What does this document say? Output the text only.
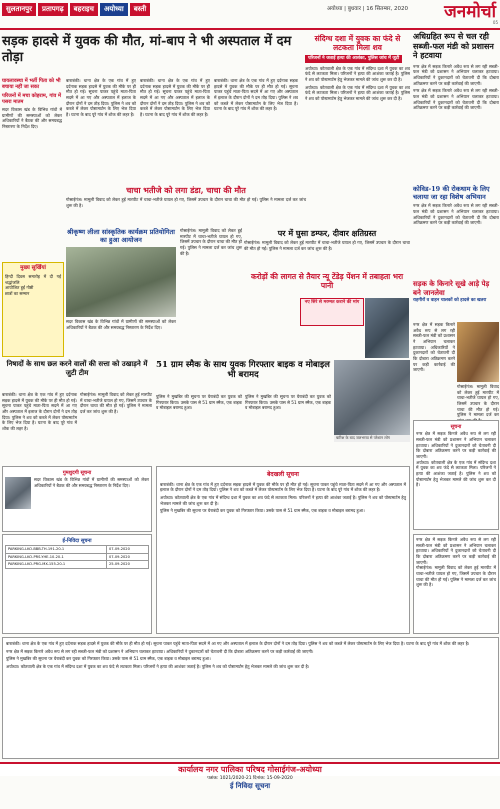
सुलतानपुर	प्रतापगढ़	बहराइच	अयोध्या	बस्ती	अयोध्या | बुधवार | 16 सितम्बर, 2020 जनमोर्चा
05
सड़क हादसे में युवक की मौत, मां-बाप ने भी अस्पताल में दम तोड़ा
घायलावस्था में भर्ती पिता को भी बचाया नहीं जा सका
परिजनों में मचा कोहराम, गांव में पसरा मातम
सदर विकास खंड के विभिन्न गांवों में ग्रामीणों की समस्याओं को लेकर अधिकारियों ने बैठक की और समयबद्ध निस्तारण के निर्देश दिए।
बाराबंकी। थाना क्षेत्र के एक गांव में हुए दर्दनाक सड़क हादसे में युवक की मौके पर ही मौत हो गई। सूचना पाकर पहुंचे माता-पिता सदमे में आ गए और अस्पताल में इलाज के दौरान दोनों ने दम तोड़ दिया। पुलिस ने शव को कब्जे में लेकर पोस्टमार्टम के लिए भेज दिया है। घटना के बाद पूरे गांव में शोक की लहर है।
बाराबंकी। थाना क्षेत्र के एक गांव में हुए दर्दनाक सड़क हादसे में युवक की मौके पर ही मौत हो गई। सूचना पाकर पहुंचे माता-पिता सदमे में आ गए और अस्पताल में इलाज के दौरान दोनों ने दम तोड़ दिया। पुलिस ने शव को कब्जे में लेकर पोस्टमार्टम के लिए भेज दिया है। घटना के बाद पूरे गांव में शोक की लहर है।
बाराबंकी। थाना क्षेत्र के एक गांव में हुए दर्दनाक सड़क हादसे में युवक की मौके पर ही मौत हो गई। सूचना पाकर पहुंचे माता-पिता सदमे में आ गए और अस्पताल में इलाज के दौरान दोनों ने दम तोड़ दिया। पुलिस ने शव को कब्जे में लेकर पोस्टमार्टम के लिए भेज दिया है। घटना के बाद पूरे गांव में शोक की लहर है।
संदिग्ध दशा में युवक का फंदे से लटकता मिला शव
परिजनों ने जताई हत्या की आशंका, पुलिस जांच में जुटी
अयोध्या। कोतवाली क्षेत्र के एक गांव में संदिग्ध दशा में युवक का शव फंदे से लटकता मिला। परिजनों ने हत्या की आशंका जताई है। पुलिस ने शव को पोस्टमार्टम हेतु भेजकर मामले की जांच शुरू कर दी है।
अयोध्या। कोतवाली क्षेत्र के एक गांव में संदिग्ध दशा में युवक का शव फंदे से लटकता मिला। परिजनों ने हत्या की आशंका जताई है। पुलिस ने शव को पोस्टमार्टम हेतु भेजकर मामले की जांच शुरू कर दी है।
अधिग्रहित रूप से चल रही सब्जी-फल मंडी को प्रशासन ने हटवाया
नगर क्षेत्र में सड़क किनारे अवैध रूप से लग रही सब्जी-फल मंडी को प्रशासन ने अभियान चलाकर हटवाया। अधिकारियों ने दुकानदारों को चेतावनी दी कि दोबारा अतिक्रमण करने पर कड़ी कार्रवाई की जाएगी।
नगर क्षेत्र में सड़क किनारे अवैध रूप से लग रही सब्जी-फल मंडी को प्रशासन ने अभियान चलाकर हटवाया। अधिकारियों ने दुकानदारों को चेतावनी दी कि दोबारा अतिक्रमण करने पर कड़ी कार्रवाई की जाएगी।
मुख्य सुर्खियां
हिन्दी दिवस समारोह में दी गई श्रद्धांजलि
आयोजित हुई गोष्ठी
छात्रों का सम्मान
चाचा भतीजे को लगा डंडा, चाचा की मौत
गोसाईगंज। मामूली विवाद को लेकर हुई मारपीट में चाचा-भतीजे घायल हो गए, जिसमें उपचार के दौरान चाचा की मौत हो गई। पुलिस ने मामला दर्ज कर जांच शुरू की है।
श्रीकृष्ण लीला सांस्कृतिक कार्यक्रम प्रतियोगिता का हुआ आयोजन
सदर विकास खंड के विभिन्न गांवों में ग्रामीणों की समस्याओं को लेकर अधिकारियों ने बैठक की और समयबद्ध निस्तारण के निर्देश दिए।
गोसाईगंज। मामूली विवाद को लेकर हुई मारपीट में चाचा-भतीजे घायल हो गए, जिसमें उपचार के दौरान चाचा की मौत हो गई। पुलिस ने मामला दर्ज कर जांच शुरू की है।
पर में घुसा डम्फर, दीवार क्षतिग्रस्त
गोसाईगंज। मामूली विवाद को लेकर हुई मारपीट में चाचा-भतीजे घायल हो गए, जिसमें उपचार के दौरान चाचा की मौत हो गई। पुलिस ने मामला दर्ज कर जांच शुरू की है।
करोड़ों की लागत से तैयार न्यू टेंडेड़ पेंशन में तबाहता भरा पानी
नए सिरे से मरम्मत कराने की मांग
कोविड-19 की रोकथाम के लिए चलाया जा रहा विशेष अभियान
नगर क्षेत्र में सड़क किनारे अवैध रूप से लग रही सब्जी-फल मंडी को प्रशासन ने अभियान चलाकर हटवाया। अधिकारियों ने दुकानदारों को चेतावनी दी कि दोबारा अतिक्रमण करने पर कड़ी कार्रवाई की जाएगी।
निषादों के साथ छल करने वालों की सत्ता को उखाड़ने में जुटी टीम
बाराबंकी। थाना क्षेत्र के एक गांव में हुए दर्दनाक सड़क हादसे में युवक की मौके पर ही मौत हो गई। सूचना पाकर पहुंचे माता-पिता सदमे में आ गए और अस्पताल में इलाज के दौरान दोनों ने दम तोड़ दिया। पुलिस ने शव को कब्जे में लेकर पोस्टमार्टम के लिए भेज दिया है। घटना के बाद पूरे गांव में शोक की लहर है।
गोसाईगंज। मामूली विवाद को लेकर हुई मारपीट में चाचा-भतीजे घायल हो गए, जिसमें उपचार के दौरान चाचा की मौत हो गई। पुलिस ने मामला दर्ज कर जांच शुरू की है।
51 ग्राम स्मैक के साथ युवक गिरफ्तार बाइक व मोबाइल भी बरामद
पुलिस ने मुखबिर की सूचना पर घेराबंदी कर युवक को गिरफ्तार किया। उसके पास से 51 ग्राम स्मैक, एक बाइक व मोबाइल बरामद हुआ।
पुलिस ने मुखबिर की सूचना पर घेराबंदी कर युवक को गिरफ्तार किया। उसके पास से 51 ग्राम स्मैक, एक बाइक व मोबाइल बरामद हुआ।
बारिश के बाद जलभराव से परेशान लोग
सड़क के किनारे सूखे आड़े पेड़ बने जानलेवा
राहगीरों व वाहन चालकों को हादसे का खतरा
नगर क्षेत्र में सड़क किनारे अवैध रूप से लग रही सब्जी-फल मंडी को प्रशासन ने अभियान चलाकर हटवाया। अधिकारियों ने दुकानदारों को चेतावनी दी कि दोबारा अतिक्रमण करने पर कड़ी कार्रवाई की जाएगी।
गोसाईगंज। मामूली विवाद को लेकर हुई मारपीट में चाचा-भतीजे घायल हो गए, जिसमें उपचार के दौरान चाचा की मौत हो गई। पुलिस ने मामला दर्ज कर
सूचना
नगर क्षेत्र में सड़क किनारे अवैध रूप से लग रही सब्जी-फल मंडी को प्रशासन ने अभियान चलाकर हटवाया। अधिकारियों ने दुकानदारों को चेतावनी दी कि दोबारा अतिक्रमण करने पर कड़ी कार्रवाई की जाएगी।
अयोध्या। कोतवाली क्षेत्र के एक गांव में संदिग्ध दशा में युवक का शव फंदे से लटकता मिला। परिजनों ने हत्या की आशंका जताई है। पुलिस ने शव को पोस्टमार्टम हेतु भेजकर मामले की जांच शुरू कर दी है।
गुमशुदगी सूचना
सदर विकास खंड के विभिन्न गांवों में ग्रामीणों की समस्याओं को लेकर अधिकारियों ने बैठक की और समयबद्ध निस्तारण के निर्देश दिए।
ई-निविदा सूचना
PARKING-LKO-BBB-TH-191-20-1	07-09-2020
PARKING-LKO-PRS-YHE-10-20-1	07-09-2020
PARKING-LKO-PRG-MX-155-20-1	25-09-2020
बेदखली सूचना
बाराबंकी। थाना क्षेत्र के एक गांव में हुए दर्दनाक सड़क हादसे में युवक की मौके पर ही मौत हो गई। सूचना पाकर पहुंचे माता-पिता सदमे में आ गए और अस्पताल में इलाज के दौरान दोनों ने दम तोड़ दिया। पुलिस ने शव को कब्जे में लेकर पोस्टमार्टम के लिए भेज दिया है। घटना के बाद पूरे गांव में शोक की लहर है।
अयोध्या। कोतवाली क्षेत्र के एक गांव में संदिग्ध दशा में युवक का शव फंदे से लटकता मिला। परिजनों ने हत्या की आशंका जताई है। पुलिस ने शव को पोस्टमार्टम हेतु भेजकर मामले की जांच शुरू कर दी है।
पुलिस ने मुखबिर की सूचना पर घेराबंदी कर युवक को गिरफ्तार किया। उसके पास से 51 ग्राम स्मैक, एक बाइक व मोबाइल बरामद हुआ।
नगर क्षेत्र में सड़क किनारे अवैध रूप से लग रही सब्जी-फल मंडी को प्रशासन ने अभियान चलाकर हटवाया। अधिकारियों ने दुकानदारों को चेतावनी दी कि दोबारा अतिक्रमण करने पर कड़ी कार्रवाई की जाएगी।
गोसाईगंज। मामूली विवाद को लेकर हुई मारपीट में चाचा-भतीजे घायल हो गए, जिसमें उपचार के दौरान चाचा की मौत हो गई। पुलिस ने मामला दर्ज कर जांच शुरू की है।
बाराबंकी। थाना क्षेत्र के एक गांव में हुए दर्दनाक सड़क हादसे में युवक की मौके पर ही मौत हो गई। सूचना पाकर पहुंचे माता-पिता सदमे में आ गए और अस्पताल में इलाज के दौरान दोनों ने दम तोड़ दिया। पुलिस ने शव को कब्जे में लेकर पोस्टमार्टम के लिए भेज दिया है। घटना के बाद पूरे गांव में शोक की लहर है।
नगर क्षेत्र में सड़क किनारे अवैध रूप से लग रही सब्जी-फल मंडी को प्रशासन ने अभियान चलाकर हटवाया। अधिकारियों ने दुकानदारों को चेतावनी दी कि दोबारा अतिक्रमण करने पर कड़ी कार्रवाई की जाएगी।
पुलिस ने मुखबिर की सूचना पर घेराबंदी कर युवक को गिरफ्तार किया। उसके पास से 51 ग्राम स्मैक, एक बाइक व मोबाइल बरामद हुआ।
अयोध्या। कोतवाली क्षेत्र के एक गांव में संदिग्ध दशा में युवक का शव फंदे से लटकता मिला। परिजनों ने हत्या की आशंका जताई है। पुलिस ने शव को पोस्टमार्टम हेतु भेजकर मामले की जांच शुरू कर दी है।
कार्यालय नगर पालिका परिषद गोसाईगंज-अयोध्या
पत्रांक: 1021/2020-21 दिनांक: 15-09-2020
ई निविदा सूचना
